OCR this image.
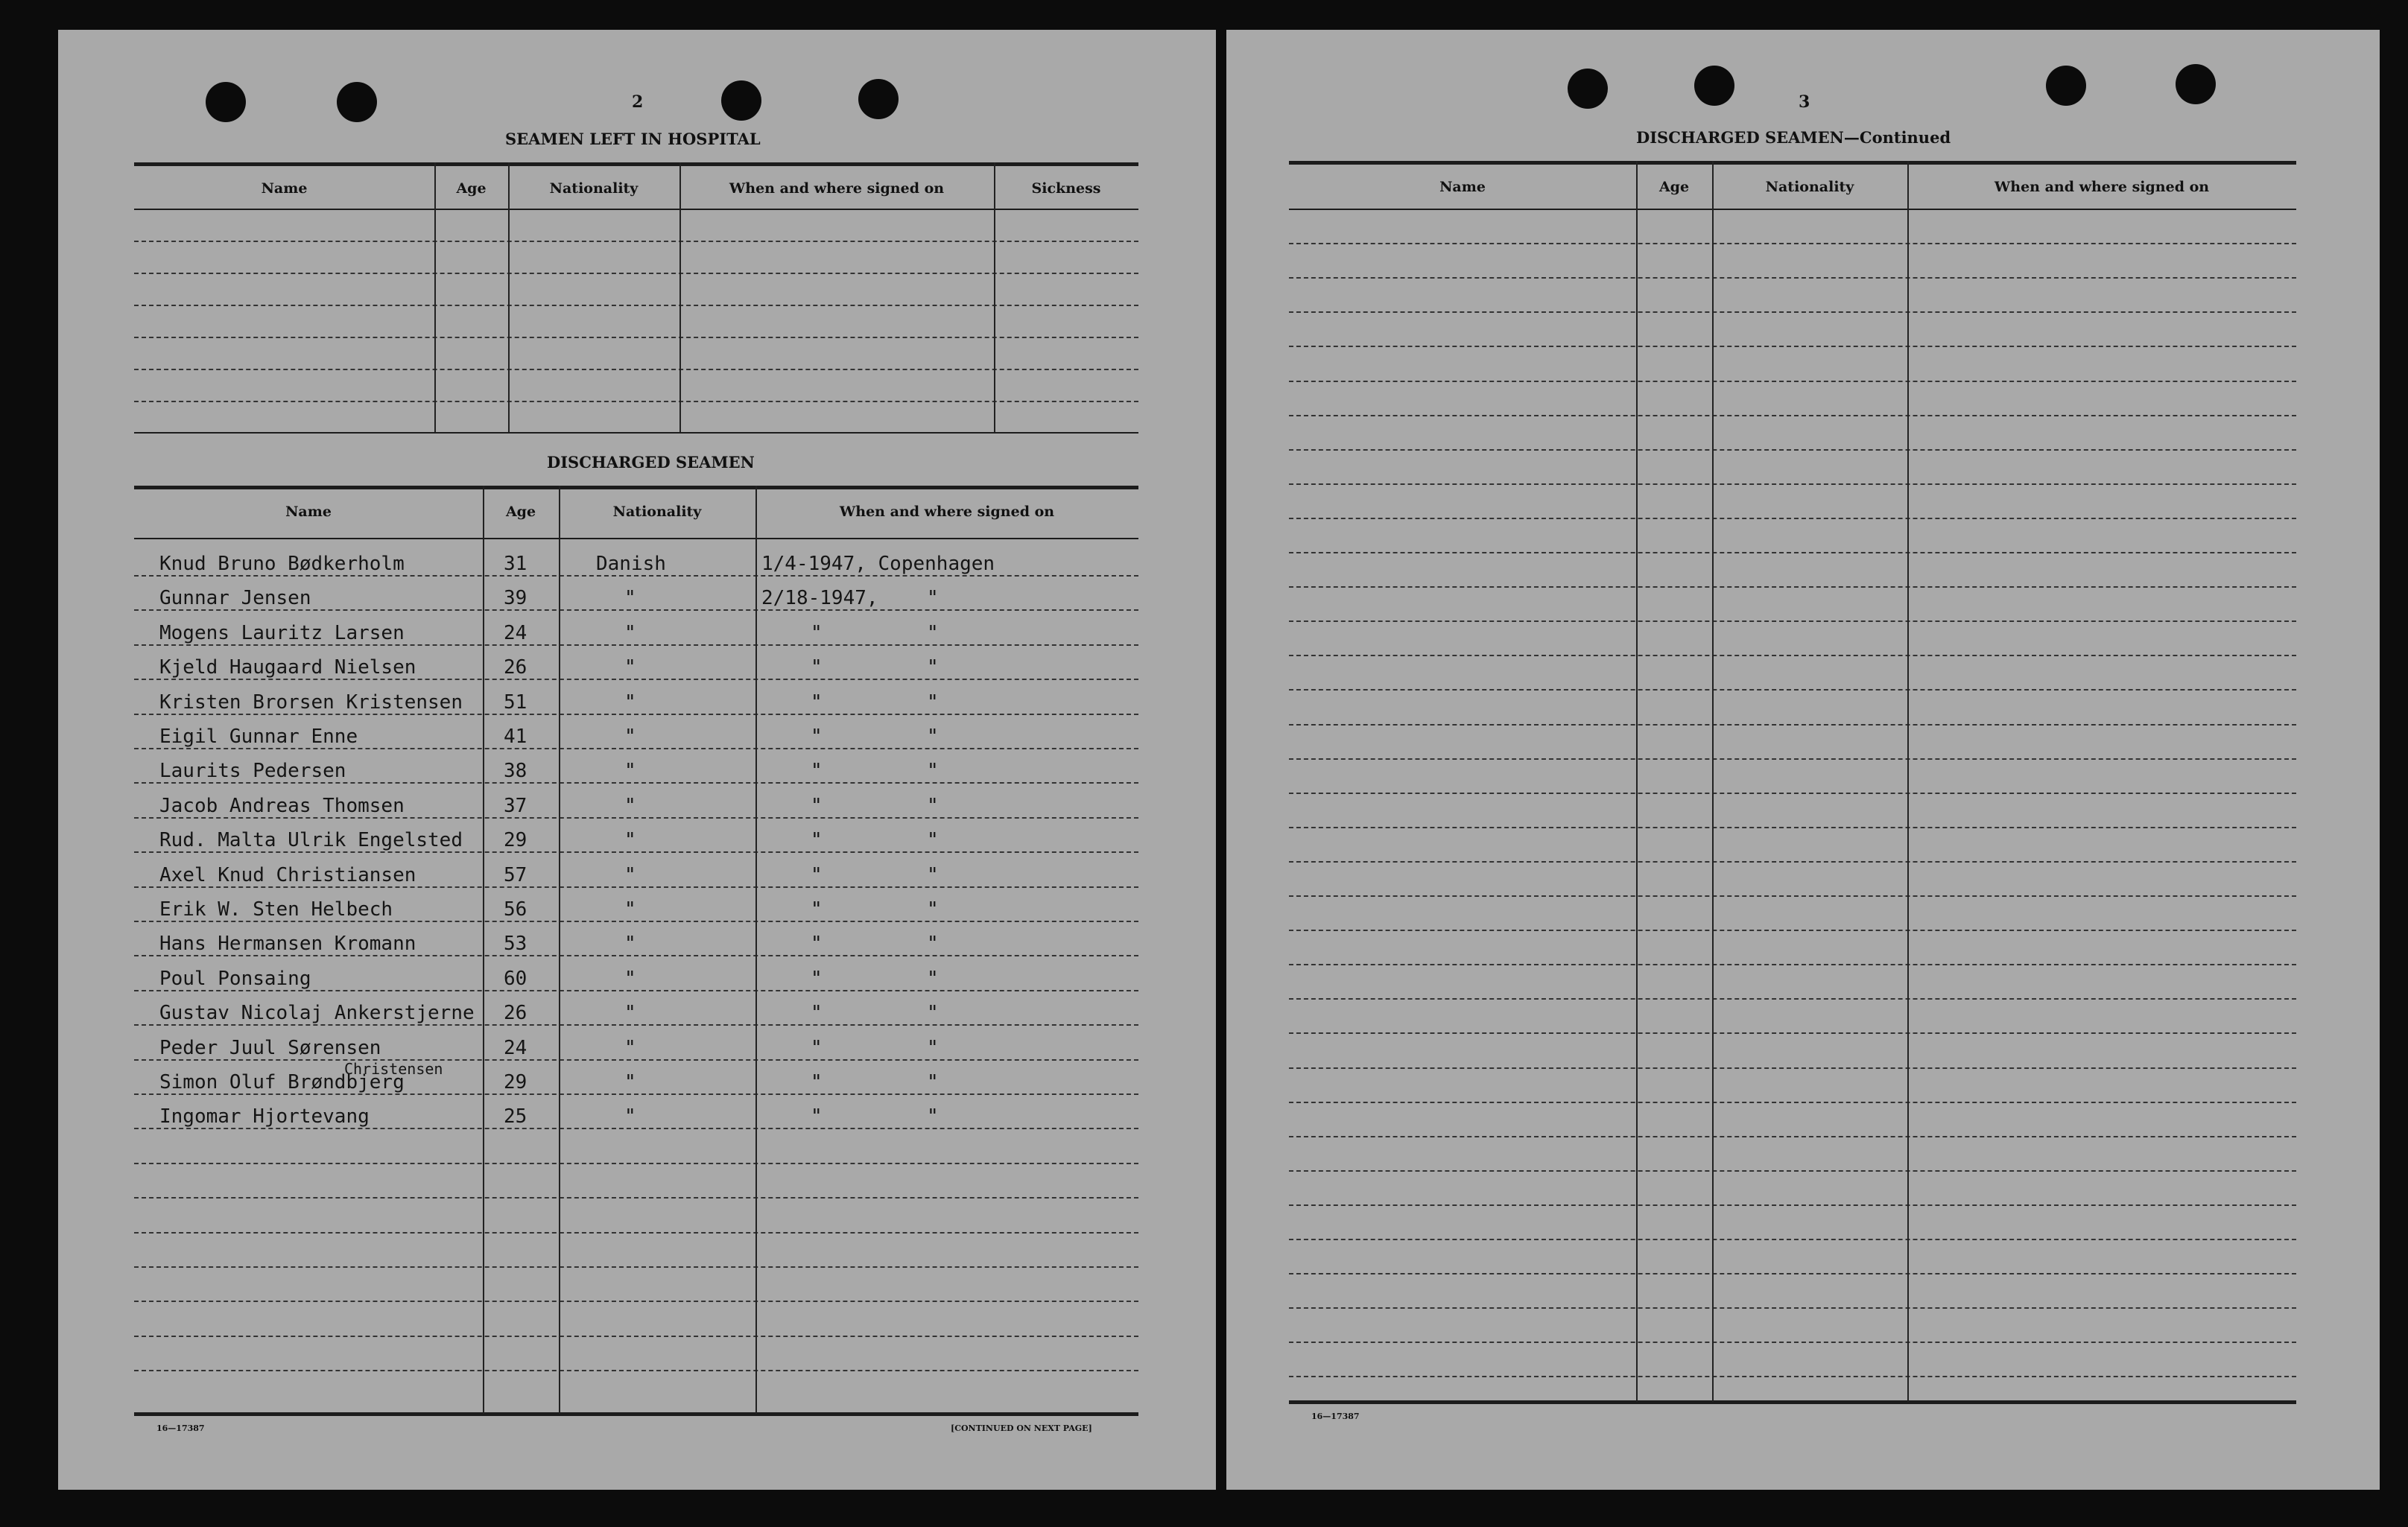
2
SEAMEN LEFT IN HOSPITAL
Name	Age	Nationality	When and where signed on	Sickness
DISCHARGED SEAMEN
Name	Age	Nationality	When and where signed on
Knud Bruno Bødkerholm	31	Danish	1/4-1947, Copenhagen
Gunnar Jensen	39	"	2/18-1947,	"
Mogens Lauritz Larsen	24	"	"	"
Kjeld Haugaard Nielsen	26	"	"	"
Kristen Brorsen Kristensen 51	"	"	"
Eigil Gunnar Enne	41	"	"	"
Laurits Pedersen	38	"	"	"
Jacob Andreas Thomsen	37	"	"	"
Rud. Malta Ulrik Engelsted 29	"	"	"
Axel Knud Christiansen	57	"	"	"
Erik W. Sten Helbech	56	"	"	"
Hans Hermansen Kromann	53	"	"	"
Poul Ponsaing	60	"	"	"
Gustav Nicolaj Ankerstjerne 26	"	"	"
Peder Juul Sørensen	24	"	"	"
Simon Oluf Brøndbjerg	29	"	"	"
Christensen
Ingomar Hjortevang	25	"	"	"
16—17387	[CONTINUED ON NEXT PAGE]
3
DISCHARGED SEAMEN—Continued
Name	Age	Nationality	When and where signed on
16—17387
